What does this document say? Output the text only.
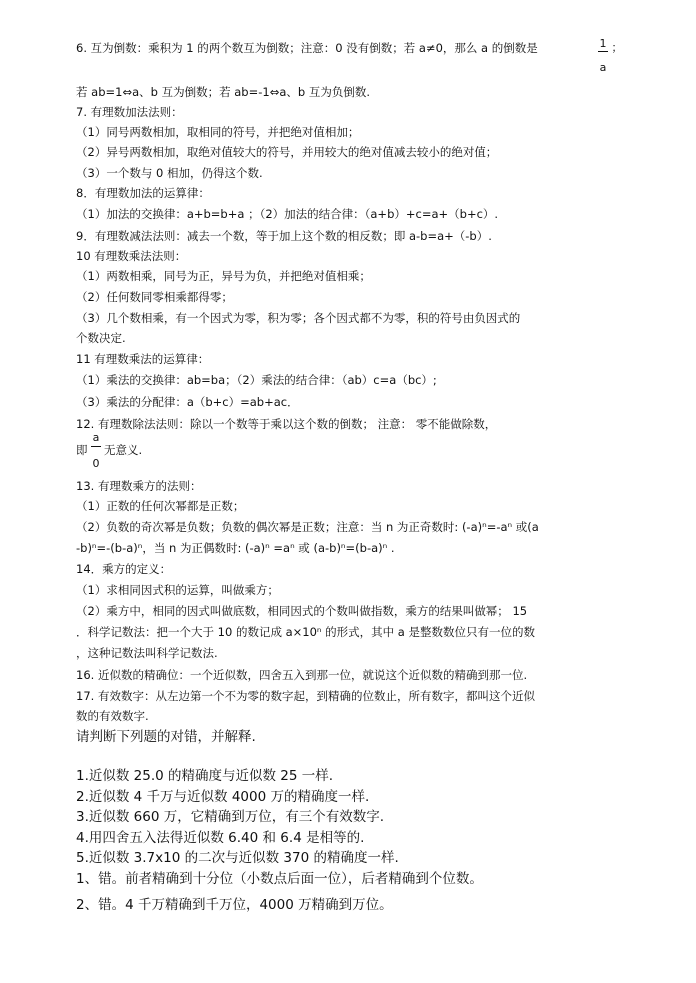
6. 互为倒数：乘积为 1 的两个数互为倒数；注意：0 没有倒数；若 a≠0，那么 a 的倒数是	1
a
；
若 ab=1⇔a、b 互为倒数；若 ab=-1⇔a、b 互为负倒数.
7. 有理数加法法则：
（1）同号两数相加，取相同的符号，并把绝对值相加；
（2）异号两数相加，取绝对值较大的符号，并用较大的绝对值减去较小的绝对值；
（3）一个数与 0 相加，仍得这个数.
8．有理数加法的运算律：
（1）加法的交换律：a+b=b+a ；（2）加法的结合律：（a+b）+c=a+（b+c）.
9．有理数减法法则：减去一个数，等于加上这个数的相反数；即 a-b=a+（-b）.
10 有理数乘法法则：
（1）两数相乘，同号为正，异号为负，并把绝对值相乘；
（2）任何数同零相乘都得零；
（3）几个数相乘，有一个因式为零，积为零；各个因式都不为零，积的符号由负因式的
个数决定.
11 有理数乘法的运算律：
（1）乘法的交换律：ab=ba；（2）乘法的结合律：（ab）c=a（bc）;
（3）乘法的分配律：a（b+c）=ab+ac．
12. 有理数除法法则：除以一个数等于乘以这个数的倒数； 注意： 零不能做除数，
即
a
0
无意义.
13. 有理数乘方的法则：
（1）正数的任何次幂都是正数；
（2）负数的奇次幂是负数；负数的偶次幂是正数；注意：当 n 为正奇数时: (-a)ⁿ=-aⁿ 或(a
-b)ⁿ=-(b-a)ⁿ，当 n 为正偶数时: (-a)ⁿ =aⁿ 或 (a-b)ⁿ=(b-a)ⁿ .
14．乘方的定义：
（1）求相同因式积的运算，叫做乘方；
（2）乘方中，相同的因式叫做底数，相同因式的个数叫做指数，乘方的结果叫做幂； 15
．科学记数法：把一个大于 10 的数记成 a×10ⁿ 的形式，其中 a 是整数数位只有一位的数
，这种记数法叫科学记数法.
16. 近似数的精确位：一个近似数，四舍五入到那一位，就说这个近似数的精确到那一位.
17. 有效数字：从左边第一个不为零的数字起，到精确的位数止，所有数字，都叫这个近似
数的有效数字.
请判断下列题的对错，并解释.
1.近似数 25.0 的精确度与近似数 25 一样.
2.近似数 4 千万与近似数 4000 万的精确度一样.
3.近似数 660 万，它精确到万位，有三个有效数字.
4.用四舍五入法得近似数 6.40 和 6.4 是相等的.
5.近似数 3.7x10 的二次与近似数 370 的精确度一样.
1、错。前者精确到十分位（小数点后面一位），后者精确到个位数。
2、错。4 千万精确到千万位，4000 万精确到万位。
